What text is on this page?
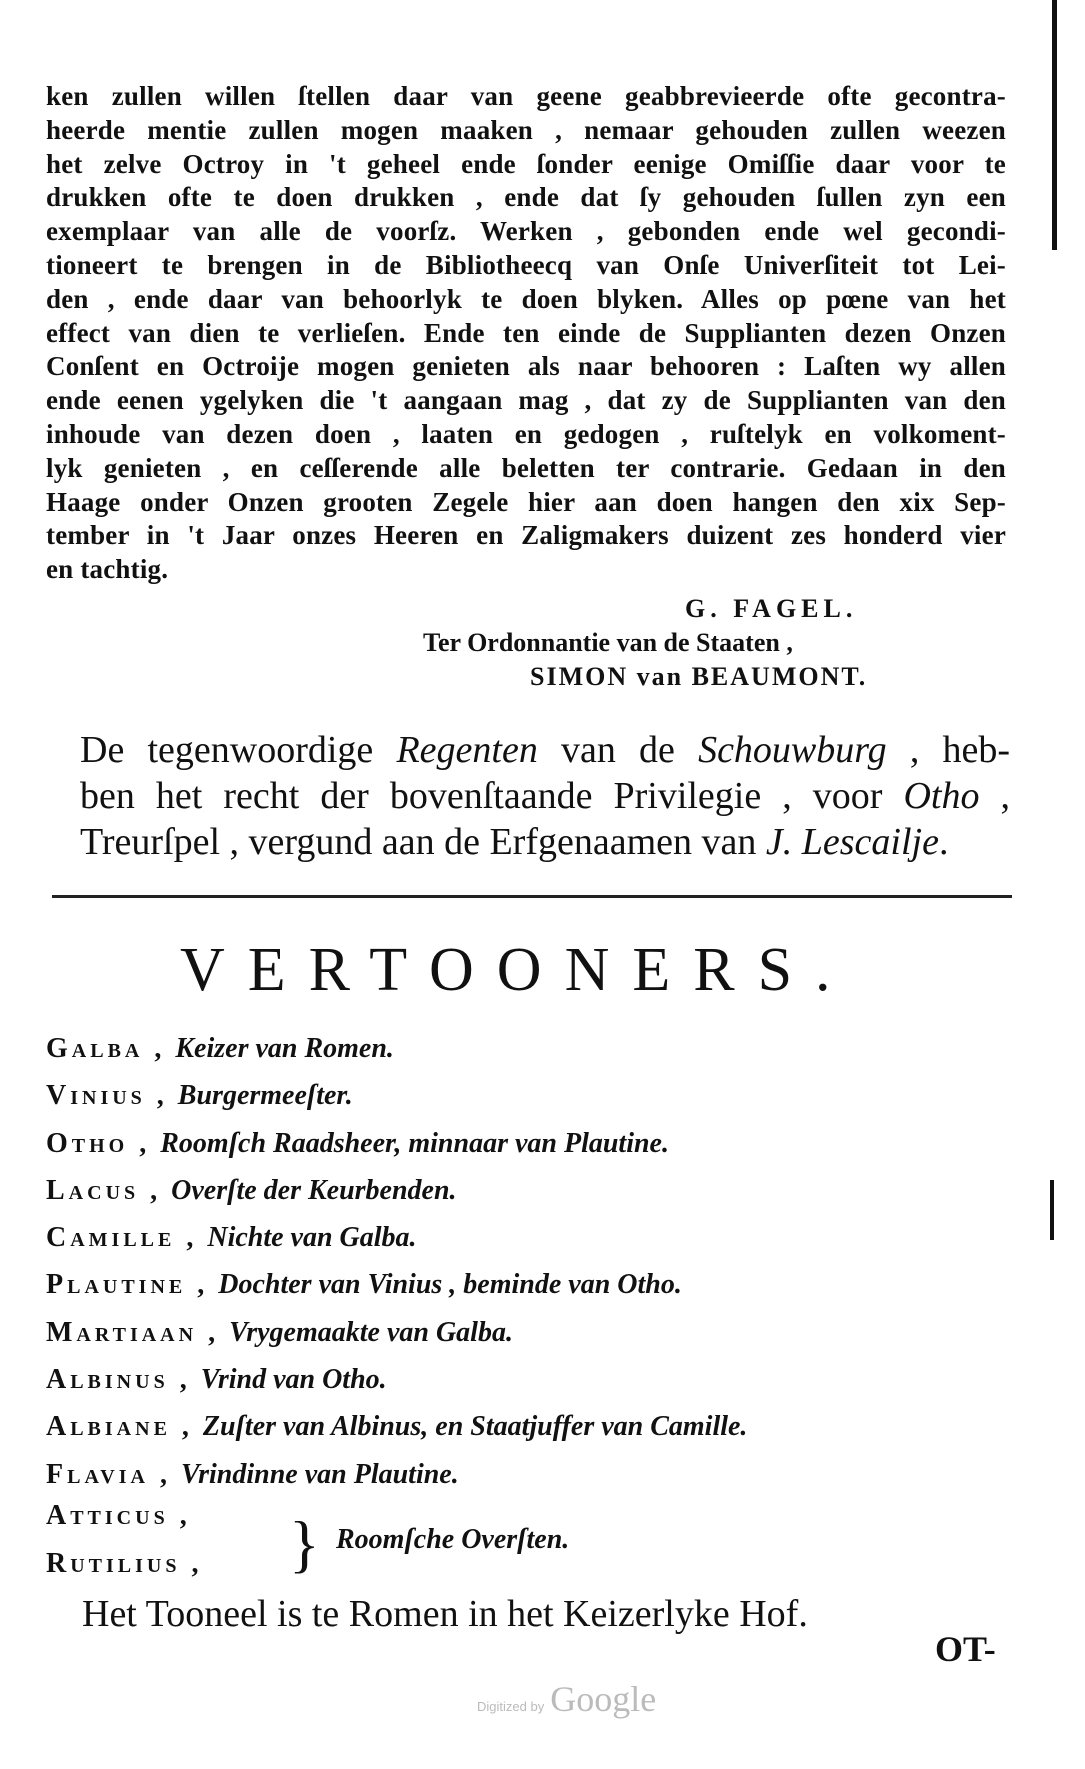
ken zullen willen ſtellen daar van geene geabbrevieerde ofte gecontra-
heerde mentie zullen mogen maaken , nemaar gehouden zullen weezen
het zelve Octroy in 't geheel ende ſonder eenige Omiſſie daar voor te
drukken ofte te doen drukken , ende dat ſy gehouden ſullen zyn een
exemplaar van alle de voorſz. Werken , gebonden ende wel gecondi-
tioneert te brengen in de Bibliotheecq van Onſe Univerſiteit tot Lei-
den , ende daar van behoorlyk te doen blyken. Alles op pœne van het
effect van dien te verlieſen. Ende ten einde de Supplianten dezen Onzen
Conſent en Octroije mogen genieten als naar behooren : Laſten wy allen
ende eenen ygelyken die 't aangaan mag , dat zy de Supplianten van den
inhoude van dezen doen , laaten en gedogen , ruſtelyk en volkoment-
lyk genieten , en ceſſerende alle beletten ter contrarie. Gedaan in den
Haage onder Onzen grooten Zegele hier aan doen hangen den xix Sep-
tember in 't Jaar onzes Heeren en Zaligmakers duizent zes honderd vier
en tachtig.
G. FAGEL.
Ter Ordonnantie van de Staaten ,
SIMON van BEAUMONT.
De tegenwoordige Regenten van de Schouwburg , heb-
ben het recht der bovenſtaande Privilegie , voor Otho ,
Treurſpel , vergund aan de Erfgenaamen van J. Lescailje.
VERTOONERS.
Galba , Keizer van Romen.
Vinius , Burgermeeſter.
Otho , Roomſch Raadsheer, minnaar van Plautine.
Lacus , Overſte der Keurbenden.
Camille , Nichte van Galba.
Plautine , Dochter van Vinius , beminde van Otho.
Martiaan , Vrygemaakte van Galba.
Albinus , Vrind van Otho.
Albiane , Zuſter van Albinus, en Staatjuffer van Camille.
Flavia , Vrindinne van Plautine.
Atticus ,
Rutilius , } Roomſche Overſten.
Het Tooneel is te Romen in het Keizerlyke Hof.
OT-
Digitized by Google
